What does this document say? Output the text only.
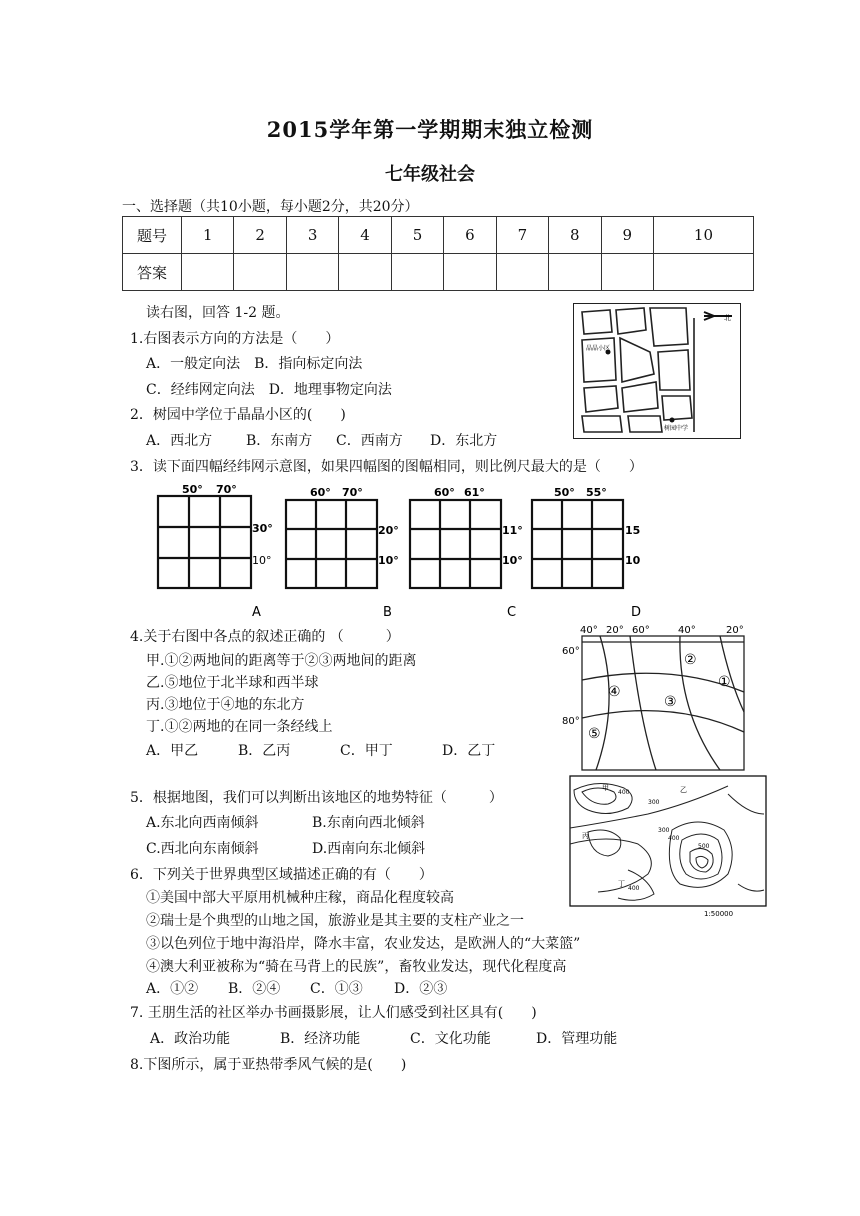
2015学年第一学期期末独立检测
七年级社会
一、选择题（共10小题，每小题2分，共20分）
题号	1	2	3	4	5	6	7	8	9	10
答案										
读右图，回答 1-2 题。
1.右图表示方向的方法是（　　）
A．一般定向法　B．指向标定向法
C．经纬网定向法　D．地理事物定向法
2．树园中学位于晶晶小区的(　　)
A．西北方 B．东南方 C．西南方 D．东北方
北
晶晶小区
树园中学
3．读下面四幅经纬网示意图，如果四幅图的图幅相同，则比例尺最大的是（　　）
50° 70°
30°
10°
A
60° 70°
20°
10°
B
60° 61°
11°
10°
C
50° 55°
15
10
D
4.关于右图中各点的叙述正确的 （　　　）
甲.①②两地间的距离等于②③两地间的距离
乙.⑤地位于北半球和西半球
丙.③地位于④地的东北方
丁.①②两地的在同一条经线上
A．甲乙	B．乙丙	C．甲丁	D．乙丁
40° 20° 60°	40°	20°
60°
80°
①
②
③
④
⑤
5．根据地图，我们可以判断出该地区的地势特征（　　　）
A.东北向西南倾斜	B.东南向西北倾斜
C.西北向东南倾斜	D.西南向东北倾斜
甲	乙
丙
丁
400
300
300
400
500
400
1:50000
6．下列关于世界典型区域描述正确的有（　　）
①美国中部大平原用机械种庄稼，商品化程度较高
②瑞士是个典型的山地之国，旅游业是其主要的支柱产业之一
③以色列位于地中海沿岸，降水丰富，农业发达，是欧洲人的“大菜篮”
④澳大利亚被称为“骑在马背上的民族”，畜牧业发达，现代化程度高
A．①② B．②④ C．①③ D．②③
7. 王朋生活的社区举办书画摄影展，让人们感受到社区具有(　　)
A．政治功能	B．经济功能	C．文化功能	D．管理功能
8.下图所示，属于亚热带季风气候的是(　　)
